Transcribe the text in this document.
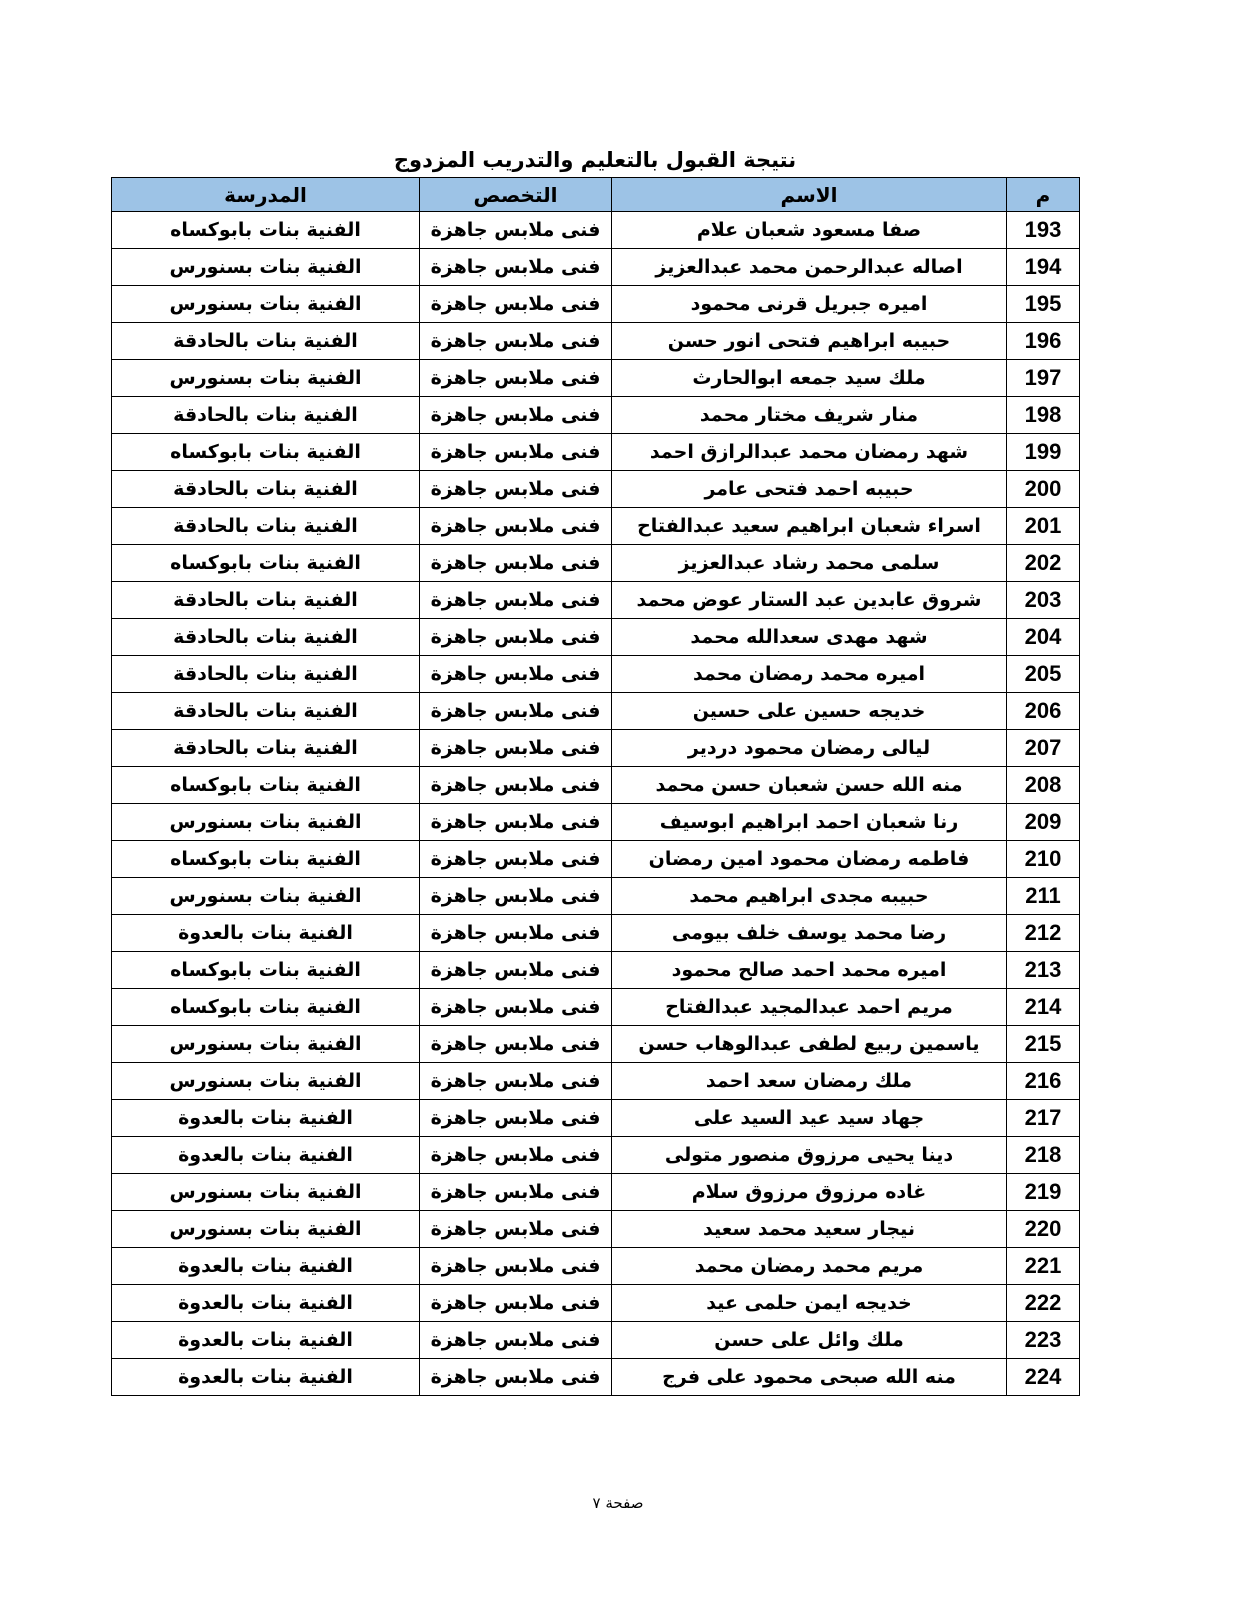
نتيجة القبول بالتعليم والتدريب المزدوج
م	الاسم	التخصص	المدرسة
193	صفا مسعود شعبان علام	فنى ملابس جاهزة	الفنية بنات بابوكساه
194	اصاله عبدالرحمن محمد عبدالعزيز	فنى ملابس جاهزة	الفنية بنات بسنورس
195	اميره جبريل قرنى محمود	فنى ملابس جاهزة	الفنية بنات بسنورس
196	حبيبه ابراهيم فتحى انور حسن	فنى ملابس جاهزة	الفنية بنات بالحادقة
197	ملك سيد جمعه ابوالحارث	فنى ملابس جاهزة	الفنية بنات بسنورس
198	منار شريف مختار محمد	فنى ملابس جاهزة	الفنية بنات بالحادقة
199	شهد رمضان محمد عبدالرازق احمد	فنى ملابس جاهزة	الفنية بنات بابوكساه
200	حبيبه احمد فتحى عامر	فنى ملابس جاهزة	الفنية بنات بالحادقة
201	اسراء شعبان ابراهيم سعيد عبدالفتاح	فنى ملابس جاهزة	الفنية بنات بالحادقة
202	سلمى محمد رشاد عبدالعزيز	فنى ملابس جاهزة	الفنية بنات بابوكساه
203	شروق عابدين عبد الستار عوض محمد	فنى ملابس جاهزة	الفنية بنات بالحادقة
204	شهد مهدى سعدالله محمد	فنى ملابس جاهزة	الفنية بنات بالحادقة
205	اميره محمد رمضان محمد	فنى ملابس جاهزة	الفنية بنات بالحادقة
206	خديجه حسين على حسين	فنى ملابس جاهزة	الفنية بنات بالحادقة
207	ليالى رمضان محمود دردير	فنى ملابس جاهزة	الفنية بنات بالحادقة
208	منه الله حسن شعبان حسن محمد	فنى ملابس جاهزة	الفنية بنات بابوكساه
209	رنا شعبان احمد ابراهيم ابوسيف	فنى ملابس جاهزة	الفنية بنات بسنورس
210	فاطمه رمضان محمود امين رمضان	فنى ملابس جاهزة	الفنية بنات بابوكساه
211	حبيبه مجدى ابراهيم محمد	فنى ملابس جاهزة	الفنية بنات بسنورس
212	رضا محمد يوسف خلف بيومى	فنى ملابس جاهزة	الفنية بنات بالعدوة
213	اميره محمد احمد صالح محمود	فنى ملابس جاهزة	الفنية بنات بابوكساه
214	مريم احمد عبدالمجيد عبدالفتاح	فنى ملابس جاهزة	الفنية بنات بابوكساه
215	ياسمين ربيع لطفى عبدالوهاب حسن	فنى ملابس جاهزة	الفنية بنات بسنورس
216	ملك رمضان سعد احمد	فنى ملابس جاهزة	الفنية بنات بسنورس
217	جهاد سيد عيد السيد على	فنى ملابس جاهزة	الفنية بنات بالعدوة
218	دينا يحيى مرزوق منصور متولى	فنى ملابس جاهزة	الفنية بنات بالعدوة
219	غاده مرزوق مرزوق سلام	فنى ملابس جاهزة	الفنية بنات بسنورس
220	نيجار سعيد محمد سعيد	فنى ملابس جاهزة	الفنية بنات بسنورس
221	مريم محمد رمضان محمد	فنى ملابس جاهزة	الفنية بنات بالعدوة
222	خديجه ايمن حلمى عيد	فنى ملابس جاهزة	الفنية بنات بالعدوة
223	ملك وائل على حسن	فنى ملابس جاهزة	الفنية بنات بالعدوة
224	منه الله صبحى محمود على فرج	فنى ملابس جاهزة	الفنية بنات بالعدوة
صفحة ٧
